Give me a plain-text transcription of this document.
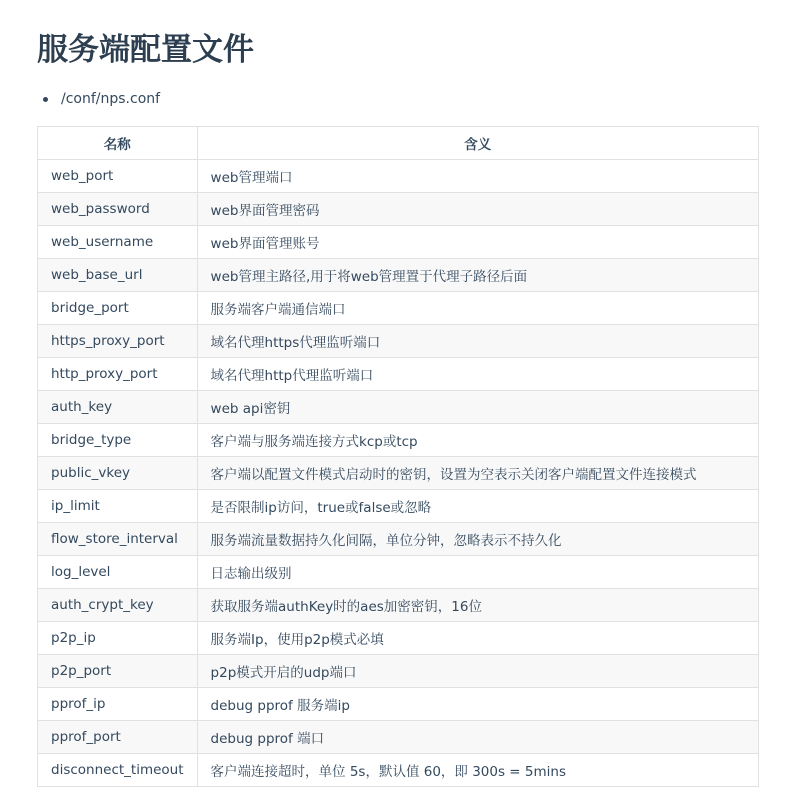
服务端配置文件
/conf/nps.conf
名称	含义
web_port	web管理端口
web_password	web界面管理密码
web_username	web界面管理账号
web_base_url	web管理主路径,用于将web管理置于代理子路径后面
bridge_port	服务端客户端通信端口
https_proxy_port	域名代理https代理监听端口
http_proxy_port	域名代理http代理监听端口
auth_key	web api密钥
bridge_type	客户端与服务端连接方式kcp或tcp
public_vkey	客户端以配置文件模式启动时的密钥，设置为空表示关闭客户端配置文件连接模式
ip_limit	是否限制ip访问，true或false或忽略
flow_store_interval	服务端流量数据持久化间隔，单位分钟，忽略表示不持久化
log_level	日志输出级别
auth_crypt_key	获取服务端authKey时的aes加密密钥，16位
p2p_ip	服务端Ip，使用p2p模式必填
p2p_port	p2p模式开启的udp端口
pprof_ip	debug pprof 服务端ip
pprof_port	debug pprof 端口
disconnect_timeout	客户端连接超时，单位 5s，默认值 60，即 300s = 5mins
